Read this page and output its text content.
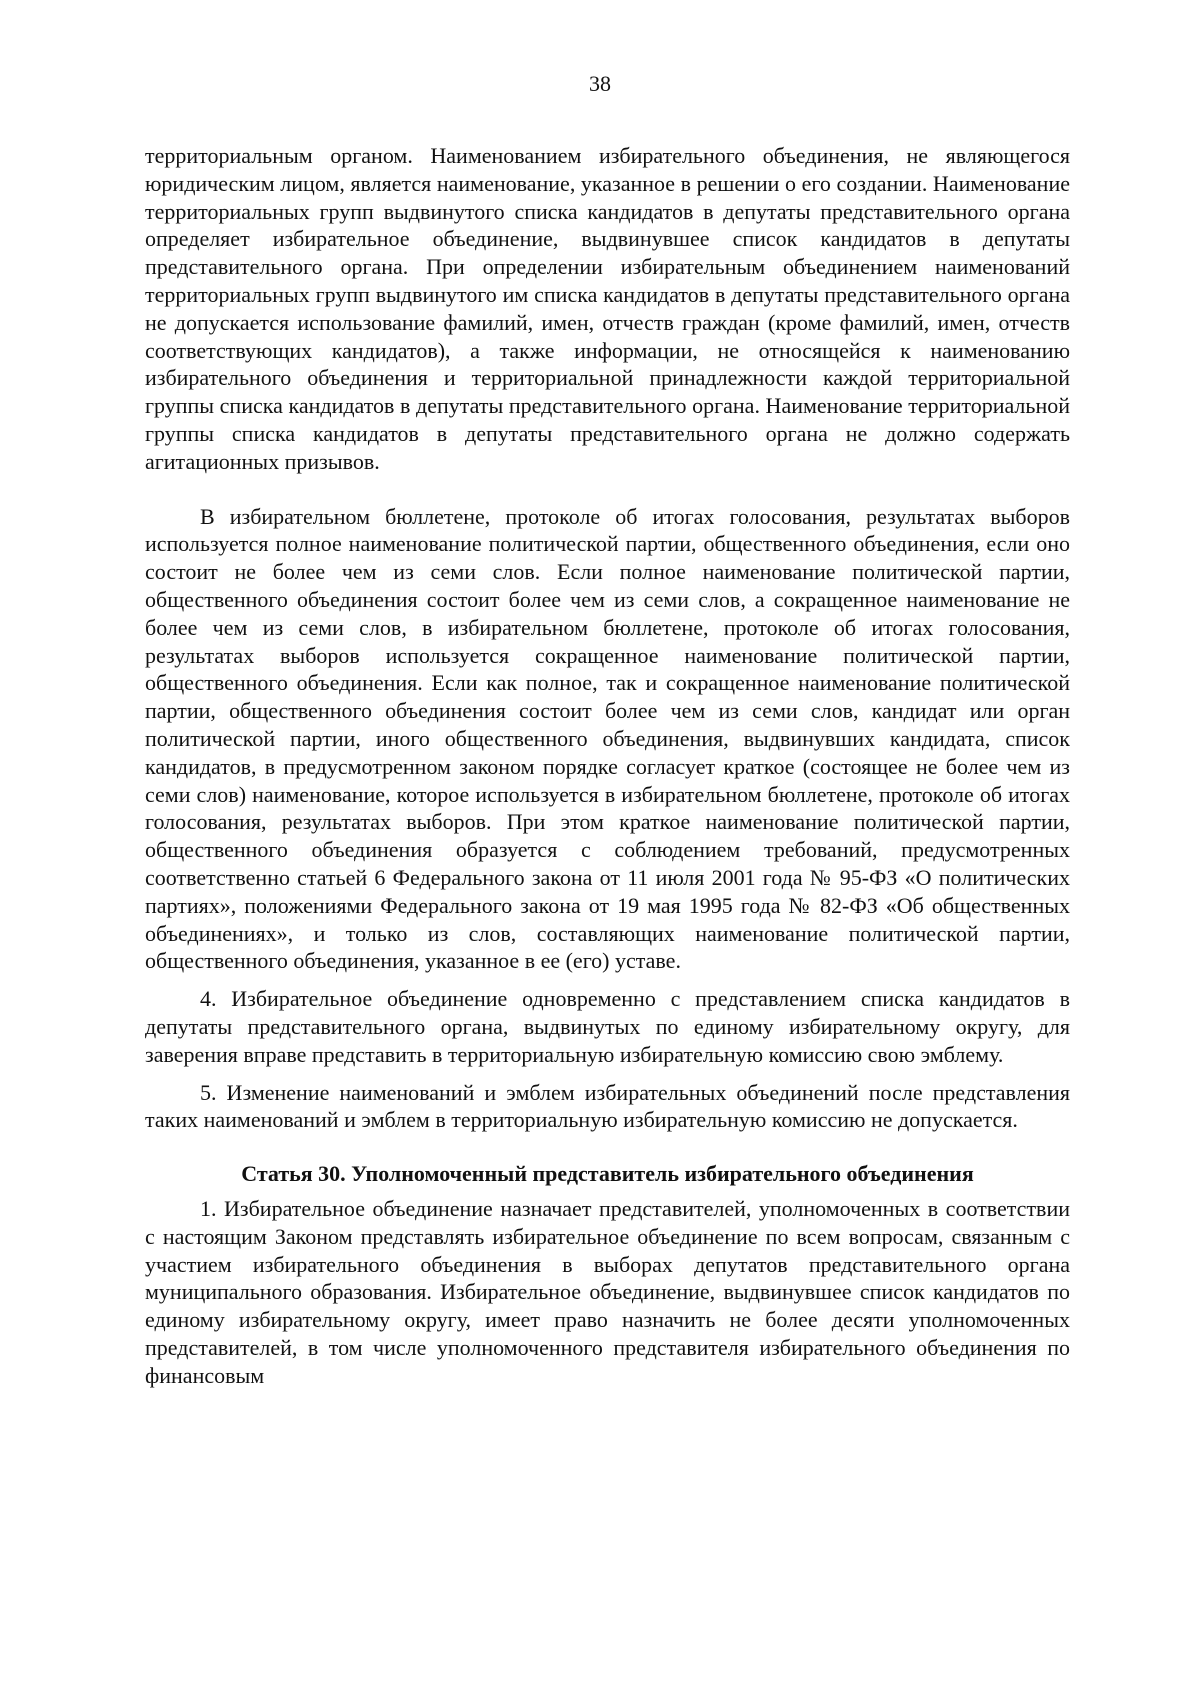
38

территориальным органом. Наименованием избирательного объединения, не являющегося юридическим лицом, является наименование, указанное в решении о его создании. Наименование территориальных групп выдвинутого списка кандидатов в депутаты представительного органа определяет избирательное объединение, выдвинувшее список кандидатов в депутаты представительного органа. При определении избирательным объединением наименований территориальных групп выдвинутого им списка кандидатов в депутаты представительного органа не допускается использование фамилий, имен, отчеств граждан (кроме фамилий, имен, отчеств соответствующих кандидатов), а также информации, не относящейся к наименованию избирательного объединения и территориальной принадлежности каждой территориальной группы списка кандидатов в депутаты представительного органа. Наименование территориальной группы списка кандидатов в депутаты представительного органа не должно содержать агитационных призывов.

В избирательном бюллетене, протоколе об итогах голосования, результатах выборов используется полное наименование политической партии, общественного объединения, если оно состоит не более чем из семи слов. Если полное наименование политической партии, общественного объединения состоит более чем из семи слов, а сокращенное наименование не более чем из семи слов, в избирательном бюллетене, протоколе об итогах голосования, результатах выборов используется сокращенное наименование политической партии, общественного объединения. Если как полное, так и сокращенное наименование политической партии, общественного объединения состоит более чем из семи слов, кандидат или орган политической партии, иного общественного объединения, выдвинувших кандидата, список кандидатов, в предусмотренном законом порядке согласует краткое (состоящее не более чем из семи слов) наименование, которое используется в избирательном бюллетене, протоколе об итогах голосования, результатах выборов. При этом краткое наименование политической партии, общественного объединения образуется с соблюдением требований, предусмотренных соответственно статьей 6 Федерального закона от 11 июля 2001 года № 95-ФЗ «О политических партиях», положениями Федерального закона от 19 мая 1995 года № 82-ФЗ «Об общественных объединениях», и только из слов, составляющих наименование политической партии, общественного объединения, указанное в ее (его) уставе.

4. Избирательное объединение одновременно с представлением списка кандидатов в депутаты представительного органа, выдвинутых по единому избирательному округу, для заверения вправе представить в территориальную избирательную комиссию свою эмблему.

5. Изменение наименований и эмблем избирательных объединений после представления таких наименований и эмблем в территориальную избирательную комиссию не допускается.

Статья 30. Уполномоченный представитель избирательного объединения

1. Избирательное объединение назначает представителей, уполномоченных в соответствии с настоящим Законом представлять избирательное объединение по всем вопросам, связанным с участием избирательного объединения в выборах депутатов представительного органа муниципального образования. Избирательное объединение, выдвинувшее список кандидатов по единому избирательному округу, имеет право назначить не более десяти уполномоченных представителей, в том числе уполномоченного представителя избирательного объединения по финансовым
